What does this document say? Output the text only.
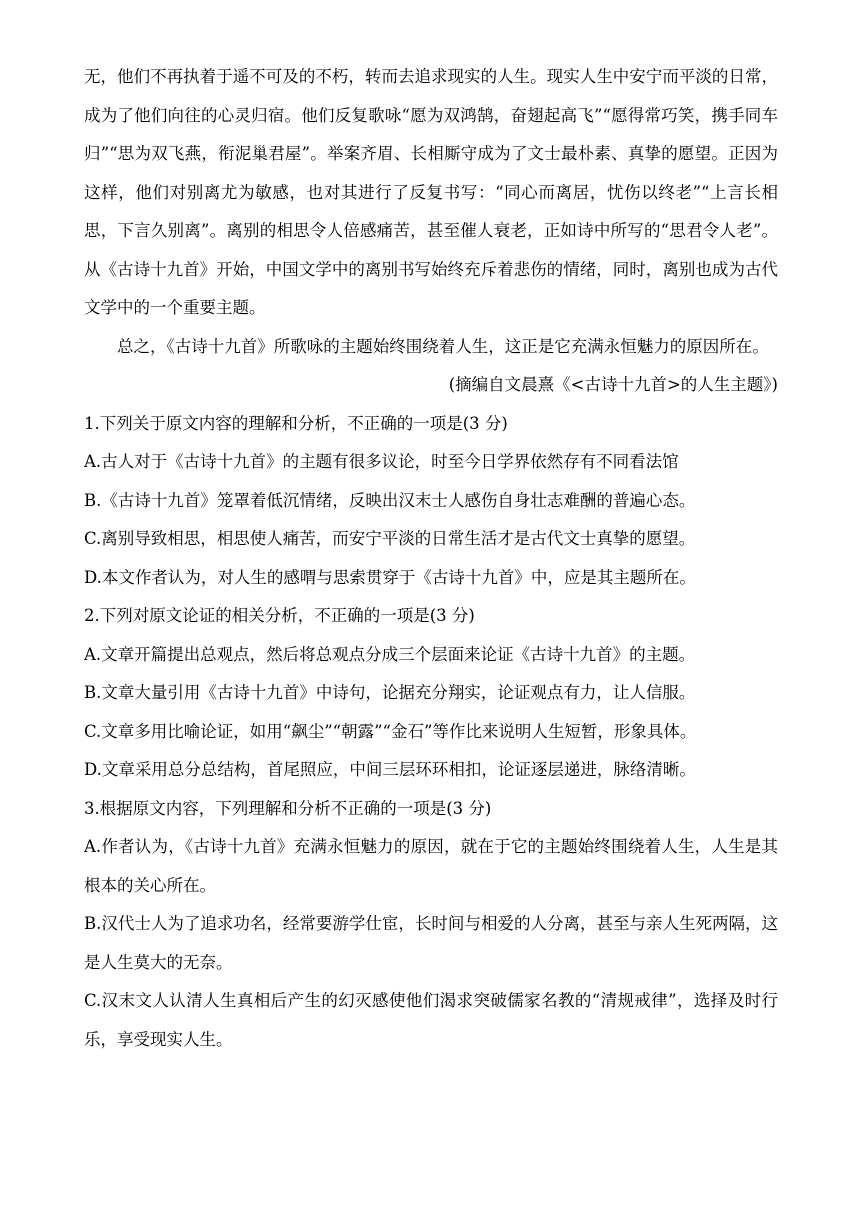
无，他们不再执着于遥不可及的不朽，转而去追求现实的人生。现实人生中安宁而平淡的日常，成为了他们向往的心灵归宿。他们反复歌咏“愿为双鸿鹄，奋翅起高飞”“愿得常巧笑，携手同车归”“思为双飞燕，衔泥巢君屋”。举案齐眉、长相厮守成为了文士最朴素、真挚的愿望。正因为这样，他们对别离尤为敏感，也对其进行了反复书写：“同心而离居，忧伤以终老”“上言长相思，下言久别离”。离别的相思令人倍感痛苦，甚至催人衰老，正如诗中所写的“思君令人老”。从《古诗十九首》开始，中国文学中的离别书写始终充斥着悲伤的情绪，同时，离别也成为古代文学中的一个重要主题。

总之，《古诗十九首》所歌咏的主题始终围绕着人生，这正是它充满永恒魅力的原因所在。

(摘编自文晨熹《<古诗十九首>的人生主题》)

1.下列关于原文内容的理解和分析，不正确的一项是(3 分)

A.古人对于《古诗十九首》的主题有很多议论，时至今日学界依然存有不同看法馆

B.《古诗十九首》笼罩着低沉情绪，反映出汉末士人感伤自身壮志难酬的普遍心态。

C.离别导致相思，相思使人痛苦，而安宁平淡的日常生活才是古代文士真挚的愿望。

D.本文作者认为，对人生的感喟与思索贯穿于《古诗十九首》中，应是其主题所在。

2.下列对原文论证的相关分析，不正确的一项是(3 分)

A.文章开篇提出总观点，然后将总观点分成三个层面来论证《古诗十九首》的主题。

B.文章大量引用《古诗十九首》中诗句，论据充分翔实，论证观点有力，让人信服。

C.文章多用比喻论证，如用“飙尘”“朝露”“金石”等作比来说明人生短暂，形象具体。

D.文章采用总分总结构，首尾照应，中间三层环环相扣，论证逐层递进，脉络清晰。

3.根据原文内容，下列理解和分析不正确的一项是(3 分)

A.作者认为，《古诗十九首》充满永恒魅力的原因，就在于它的主题始终围绕着人生，人生是其根本的关心所在。

B.汉代士人为了追求功名，经常要游学仕宦，长时间与相爱的人分离，甚至与亲人生死两隔，这是人生莫大的无奈。

C.汉末文人认清人生真相后产生的幻灭感使他们渴求突破儒家名教的“清规戒律”，选择及时行乐，享受现实人生。
